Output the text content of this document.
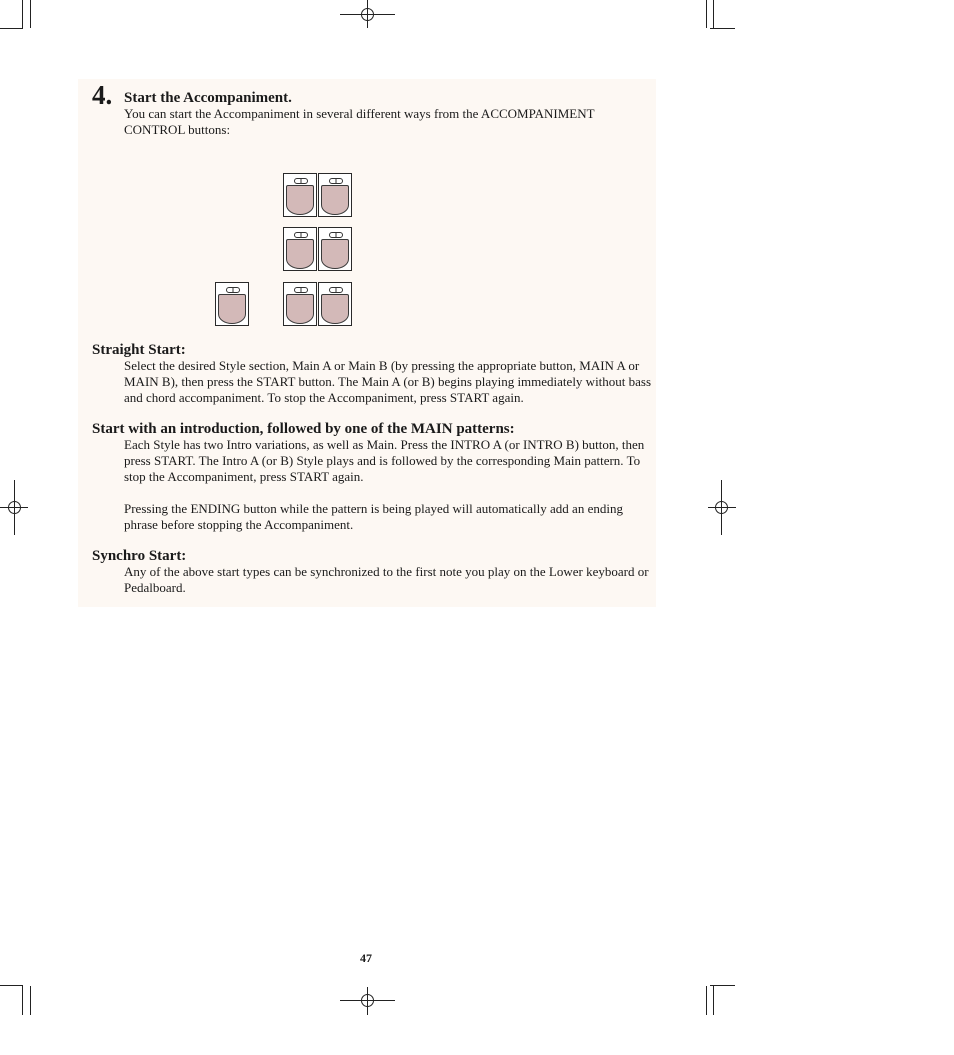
4. Start the Accompaniment.
You can start the Accompaniment in several different ways from the ACCOMPANIMENT CONTROL buttons:
Straight Start:
Select the desired Style section, Main A or Main B (by pressing the appropriate button, MAIN A or MAIN B), then press the START button. The Main A (or B) begins playing immediately without bass and chord accompaniment. To stop the Accompaniment, press START again.
Start with an introduction, followed by one of the MAIN patterns:
Each Style has two Intro variations, as well as Main. Press the INTRO A (or INTRO B) button, then press START. The Intro A (or B) Style plays and is followed by the corresponding Main pattern. To stop the Accompaniment, press START again.
Pressing the ENDING button while the pattern is being played will automatically add an ending phrase before stopping the Accompaniment.
Synchro Start:
Any of the above start types can be synchronized to the first note you play on the Lower keyboard or Pedalboard.
47
